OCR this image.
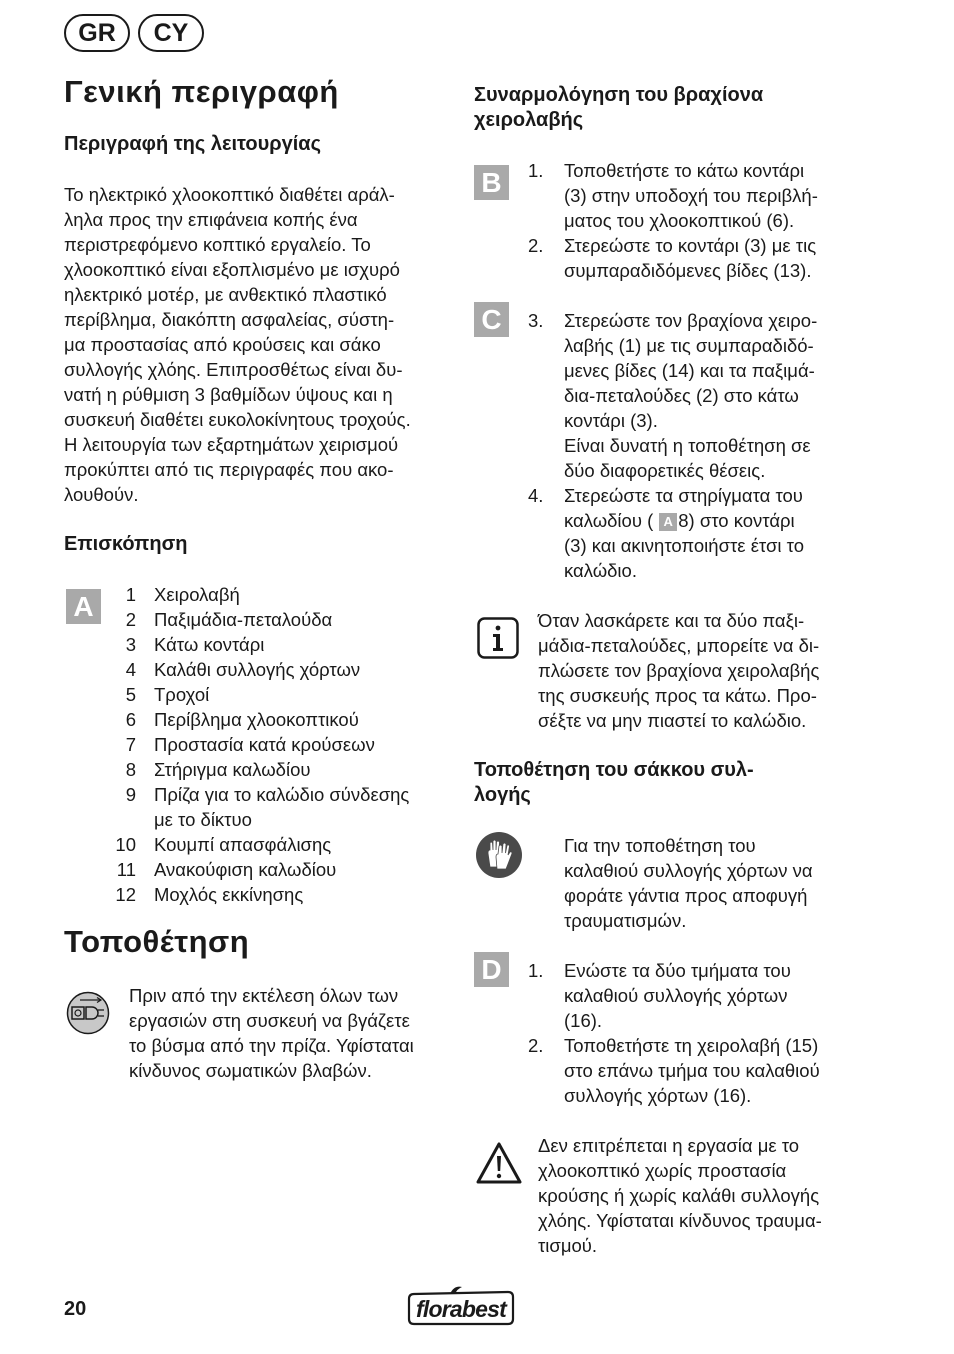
GR	CY
Γενική περιγραφή
Περιγραφή της λειτουργίας
Το ηλεκτρικό χλοοκοπτικό διαθέτει αράλ-
ληλα προς την επιφάνεια κοπής ένα
περιστρεφόμενο κοπτικό εργαλείο. Το
χλοοκοπτικό είναι εξοπλισμένο με ισχυρό
ηλεκτρικό μοτέρ, με ανθεκτικό πλαστικό
περίβλημα, διακόπτη ασφαλείας, σύστη-
μα προστασίας από κρούσεις και σάκο
συλλογής χλόης. Επιπροσθέτως είναι δυ-
νατή η ρύθμιση 3 βαθμίδων ύψους και η
συσκευή διαθέτει ευκολοκίνητους τροχούς.
Η λειτουργία των εξαρτημάτων χειρισμού
προκύπτει από τις περιγραφές που ακο-
λουθούν.
Επισκόπηση
A	1 Χειρολαβή
2 Παξιμάδια-πεταλούδα
3 Κάτω κοντάρι
4 Καλάθι συλλογής χόρτων
5 Τροχοί
6 Περίβλημα χλοοκοπτικού
7 Προστασία κατά κρούσεων
8 Στήριγμα καλωδίου
9 Πρίζα για το καλώδιο σύνδεσης
με το δίκτυο
10 Κουμπί απασφάλισης
11 Ανακούφιση καλωδίου
12 Μοχλός εκκίνησης
Τοποθέτηση
Πριν από την εκτέλεση όλων των
εργασιών στη συσκευή να βγάζετε
το βύσμα από την πρίζα. Υφίσταται
κίνδυνος σωματικών βλαβών.
Συναρμολόγηση του βραχίονα
χειρολαβής
B	1. Τοποθετήστε το κάτω κοντάρι
(3) στην υποδοχή του περιβλή-
ματος του χλοοκοπτικού (6).
2. Στερεώστε το κοντάρι (3) με τις
συμπαραδιδόμενες βίδες (13).
C	3. Στερεώστε τον βραχίονα χειρο-
λαβής (1) με τις συμπαραδιδό-
μενες βίδες (14) και τα παξιμά-
δια-πεταλούδες (2) στο κάτω
κοντάρι (3).
Είναι δυνατή η τοποθέτηση σε
δύο διαφορετικές θέσεις.
4. Στερεώστε τα στηρίγματα του
καλωδίου ( A 8) στο κοντάρι
(3) και ακινητοποιήστε έτσι το
καλώδιο.
Όταν λασκάρετε και τα δύο παξι-
μάδια-πεταλούδες, μπορείτε να δι-
πλώσετε τον βραχίονα χειρολαβής
της συσκευής προς τα κάτω. Προ-
σέξτε να μην πιαστεί το καλώδιο.
Τοποθέτηση του σάκκου συλ-
λογής
Για την τοποθέτηση του
καλαθιού συλλογής χόρτων να
φοράτε γάντια προς αποφυγή
τραυματισμών.
D	1. Ενώστε τα δύο τμήματα του
καλαθιού συλλογής χόρτων
(16).
2. Τοποθετήστε τη χειρολαβή (15)
στο επάνω τμήμα του καλαθιού
συλλογής χόρτων (16).
Δεν επιτρέπεται η εργασία με το
χλοοκοπτικό χωρίς προστασία
κρούσης ή χωρίς καλάθι συλλογής
χλόης. Υφίσταται κίνδυνος τραυμα-
τισμού.
20	florabest
